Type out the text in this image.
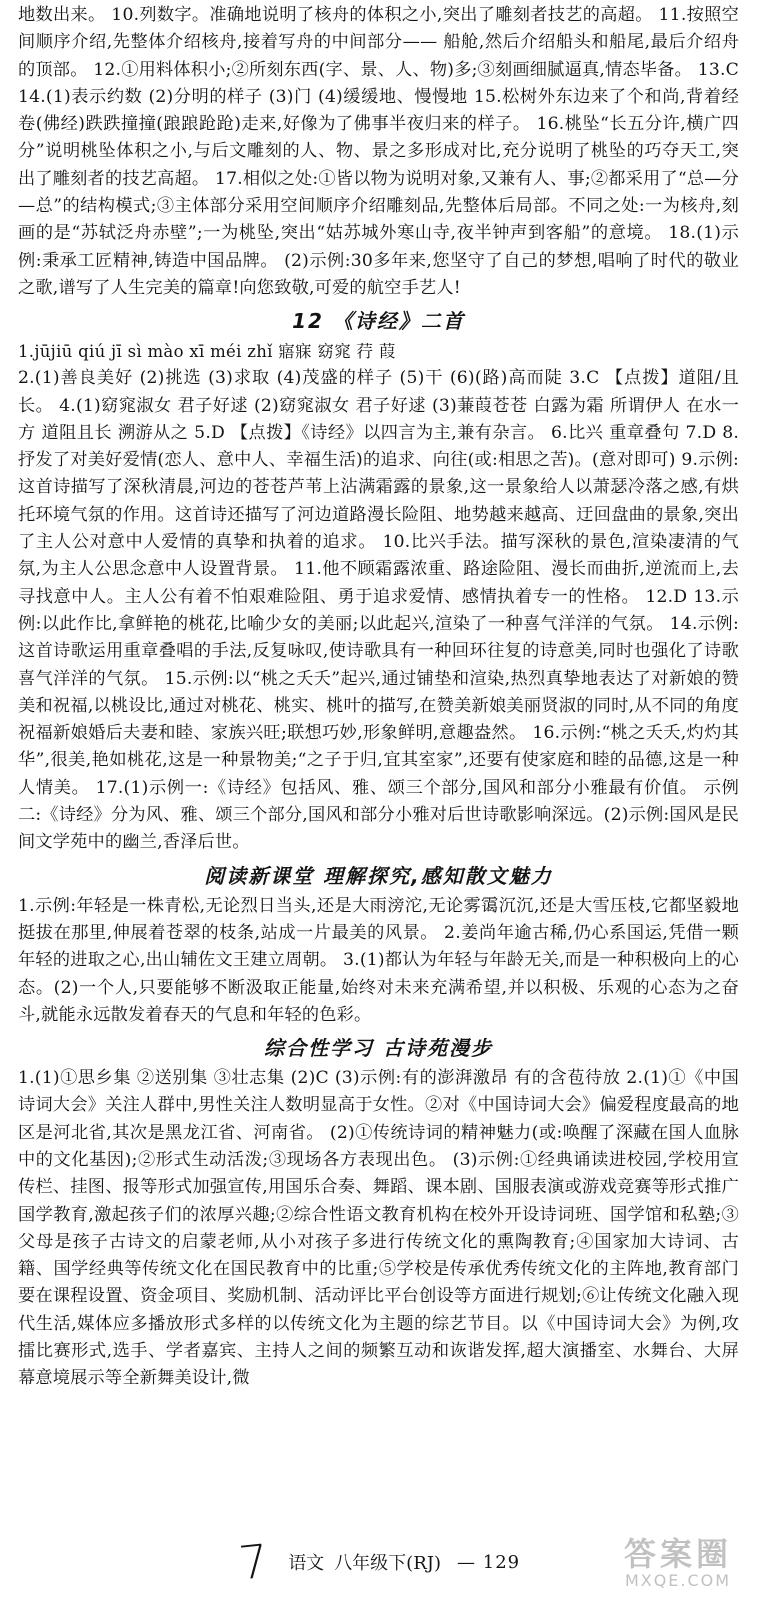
地数出来。 10.列数字。准确地说明了核舟的体积之小,突出了雕刻者技艺的高超。 11.按照空间顺序介绍,先整体介绍核舟,接着写舟的中间部分—— 船舱,然后介绍船头和船尾,最后介绍舟的顶部。 12.①用料体积小;②所刻东西(字、景、人、物)多;③刻画细腻逼真,情态毕备。 13.C 14.(1)表示约数 (2)分明的样子 (3)门 (4)缓缓地、慢慢地 15.松树外东边来了个和尚,背着经卷(佛经)跌跌撞撞(踉踉跄跄)走来,好像为了佛事半夜归来的样子。 16.桃坠“长五分许,横广四分”说明桃坠体积之小,与后文雕刻的人、物、景之多形成对比,充分说明了桃坠的巧夺天工,突出了雕刻者的技艺高超。 17.相似之处:①皆以物为说明对象,又兼有人、事;②都采用了“总—分—总”的结构模式;③主体部分采用空间顺序介绍雕刻品,先整体后局部。不同之处:一为核舟,刻画的是“苏轼泛舟赤壁”;一为桃坠,突出“姑苏城外寒山寺,夜半钟声到客船”的意境。 18.(1)示例:秉承工匠精神,铸造中国品牌。 (2)示例:30多年来,您坚守了自己的梦想,唱响了时代的敬业之歌,谱写了人生完美的篇章!向您致敬,可爱的航空手艺人!

12 《诗经》二首

1.jūjiū qiú jī sì mào xī méi zhǐ 寤寐 窈窕 荇 葭

2.(1)善良美好 (2)挑选 (3)求取 (4)茂盛的样子 (5)干 (6)(路)高而陡 3.C 【点拨】道阻/且长。 4.(1)窈窕淑女 君子好逑 (2)窈窕淑女 君子好逑 (3)蒹葭苍苍 白露为霜 所谓伊人 在水一方 道阻且长 溯游从之 5.D 【点拨】《诗经》以四言为主,兼有杂言。 6.比兴 重章叠句 7.D 8.抒发了对美好爱情(恋人、意中人、幸福生活)的追求、向往(或:相思之苦)。(意对即可) 9.示例:这首诗描写了深秋清晨,河边的苍苍芦苇上沾满霜露的景象,这一景象给人以萧瑟冷落之感,有烘托环境气氛的作用。这首诗还描写了河边道路漫长险阻、地势越来越高、迂回盘曲的景象,突出了主人公对意中人爱情的真挚和执着的追求。 10.比兴手法。描写深秋的景色,渲染凄清的气氛,为主人公思念意中人设置背景。 11.他不顾霜露浓重、路途险阻、漫长而曲折,逆流而上,去寻找意中人。主人公有着不怕艰难险阻、勇于追求爱情、感情执着专一的性格。 12.D 13.示例:以此作比,拿鲜艳的桃花,比喻少女的美丽;以此起兴,渲染了一种喜气洋洋的气氛。 14.示例:这首诗歌运用重章叠唱的手法,反复咏叹,使诗歌具有一种回环往复的诗意美,同时也强化了诗歌喜气洋洋的气氛。 15.示例:以“桃之夭夭”起兴,通过铺垫和渲染,热烈真挚地表达了对新娘的赞美和祝福,以桃设比,通过对桃花、桃实、桃叶的描写,在赞美新娘美丽贤淑的同时,从不同的角度祝福新娘婚后夫妻和睦、家族兴旺;联想巧妙,形象鲜明,意趣盎然。 16.示例:“桃之夭夭,灼灼其华”,很美,艳如桃花,这是一种景物美;“之子于归,宜其室家”,还要有使家庭和睦的品德,这是一种人情美。 17.(1)示例一:《诗经》包括风、雅、颂三个部分,国风和部分小雅最有价值。 示例二:《诗经》分为风、雅、颂三个部分,国风和部分小雅对后世诗歌影响深远。(2)示例:国风是民间文学苑中的幽兰,香泽后世。

阅读新课堂 理解探究,感知散文魅力

1.示例:年轻是一株青松,无论烈日当头,还是大雨滂沱,无论雾霭沉沉,还是大雪压枝,它都坚毅地挺拔在那里,伸展着苍翠的枝条,站成一片最美的风景。 2.姜尚年逾古稀,仍心系国运,凭借一颗年轻的进取之心,出山辅佐文王建立周朝。 3.(1)都认为年轻与年龄无关,而是一种积极向上的心态。(2)一个人,只要能够不断汲取正能量,始终对未来充满希望,并以积极、乐观的心态为之奋斗,就能永远散发着春天的气息和年轻的色彩。

综合性学习 古诗苑漫步

1.(1)①思乡集 ②送别集 ③壮志集 (2)C (3)示例:有的澎湃激昂 有的含苞待放 2.(1)①《中国诗词大会》关注人群中,男性关注人数明显高于女性。②对《中国诗词大会》偏爱程度最高的地区是河北省,其次是黑龙江省、河南省。 (2)①传统诗词的精神魅力(或:唤醒了深藏在国人血脉中的文化基因);②形式生动活泼;③现场各方表现出色。 (3)示例:①经典诵读进校园,学校用宣传栏、挂图、报等形式加强宣传,用国乐合奏、舞蹈、课本剧、国服表演或游戏竞赛等形式推广国学教育,激起孩子们的浓厚兴趣;②综合性语文教育机构在校外开设诗词班、国学馆和私塾;③父母是孩子古诗文的启蒙老师,从小对孩子多进行传统文化的熏陶教育;④国家加大诗词、古籍、国学经典等传统文化在国民教育中的比重;⑤学校是传承优秀传统文化的主阵地,教育部门要在课程设置、资金项目、奖励机制、活动评比平台创设等方面进行规划;⑥让传统文化融入现代生活,媒体应多播放形式多样的以传统文化为主题的综艺节目。以《中国诗词大会》为例,攻擂比赛形式,选手、学者嘉宾、主持人之间的频繁互动和诙谐发挥,超大演播室、水舞台、大屏幕意境展示等全新舞美设计,微

7 语文 八年级下(RJ) — 129	答案圈
MXQE.COM
